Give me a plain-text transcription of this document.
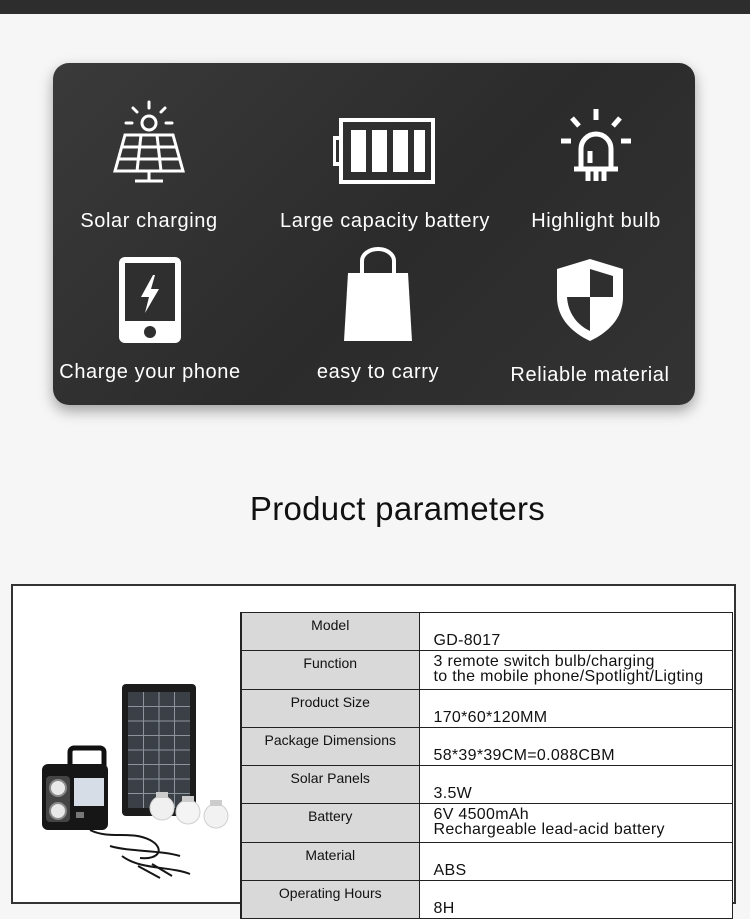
Solar charging	Large capacity battery	Highlight bulb
Charge your phone	easy to carry	Reliable material
Product parameters
Model	GD-8017
Function	3 remote switch bulb/charging
to the mobile phone/Spotlight/Ligting

Product Size	170*60*120MM
Package Dimensions	58*39*39CM=0.088CBM
Solar Panels	3.5W
Battery	6V 4500mAh
Rechargeable lead-acid battery

Material	ABS
Operating Hours	8H
